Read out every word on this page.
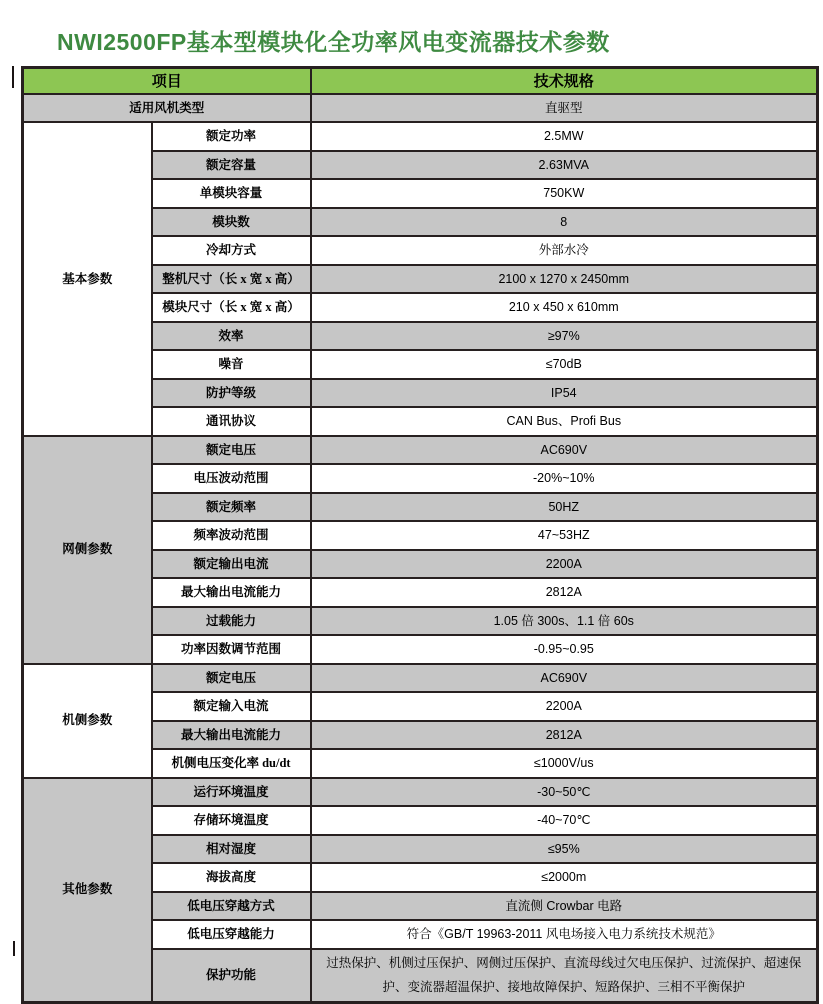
NWI2500FP基本型模块化全功率风电变流器技术参数
项目		技术规格
适用风机类型		直驱型
基本参数	额定功率	2.5MW
	额定容量	2.63MVA
	单模块容量	750KW
	模块数	8
	冷却方式	外部水冷
	整机尺寸（长 x 宽 x 高）	2100 x 1270 x 2450mm
	模块尺寸（长 x 宽 x 高）	210 x 450 x 610mm
	效率	≥97%
	噪音	≤70dB
	防护等级	IP54
	通讯协议	CAN Bus、Profi Bus
网侧参数	额定电压	AC690V
	电压波动范围	-20%~10%
	额定频率	50HZ
	频率波动范围	47~53HZ
	额定输出电流	2200A
	最大输出电流能力	2812A
	过载能力	1.05 倍 300s、1.1 倍 60s
	功率因数调节范围	-0.95~0.95
机侧参数	额定电压	AC690V
	额定输入电流	2200A
	最大输出电流能力	2812A
	机侧电压变化率 du/dt	≤1000V/us
其他参数	运行环境温度	-30~50℃
	存储环境温度	-40~70℃
	相对湿度	≤95%
	海拔高度	≤2000m
	低电压穿越方式	直流侧 Crowbar 电路
	低电压穿越能力	符合《GB/T 19963-2011 风电场接入电力系统技术规范》
	保护功能	过热保护、机侧过压保护、网侧过压保护、直流母线过欠电压保护、过流保护、超速保护、变流器超温保护、接地故障保护、短路保护、三相不平衡保护
